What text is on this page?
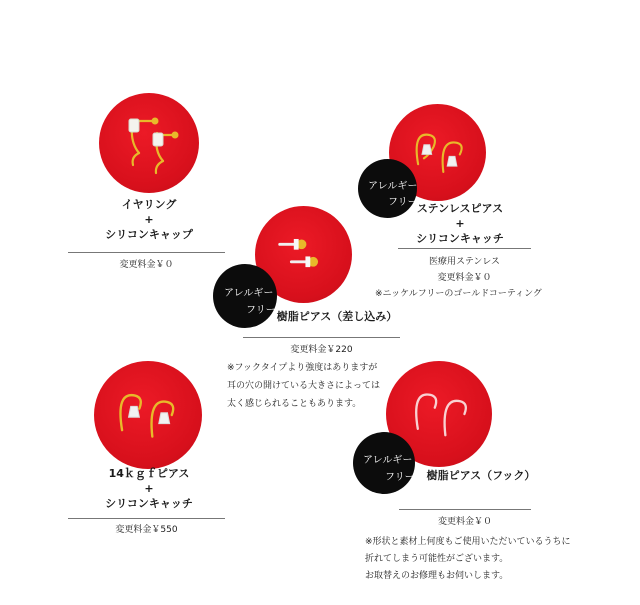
イヤリング
+
シリコンキャップ
変更料金￥０
アレルギー
フリー ステンレスピアス
+
シリコンキャッチ
医療用ステンレス
変更料金￥０
※ニッケルフリーのゴールドコーティング
アレルギー
フリー 樹脂ピアス（差し込み）
変更料金￥220
※フックタイプより強度はありますが
耳の穴の開けている大きさによっては
太く感じられることもあります。
14ｋｇｆピアス
+
シリコンキャッチ
変更料金￥550
アレルギー
フリー 樹脂ピアス（フック）
変更料金￥０
※形状と素材上何度もご使用いただいているうちに
折れてしまう可能性がございます。
お取替えのお修理もお伺いします。
